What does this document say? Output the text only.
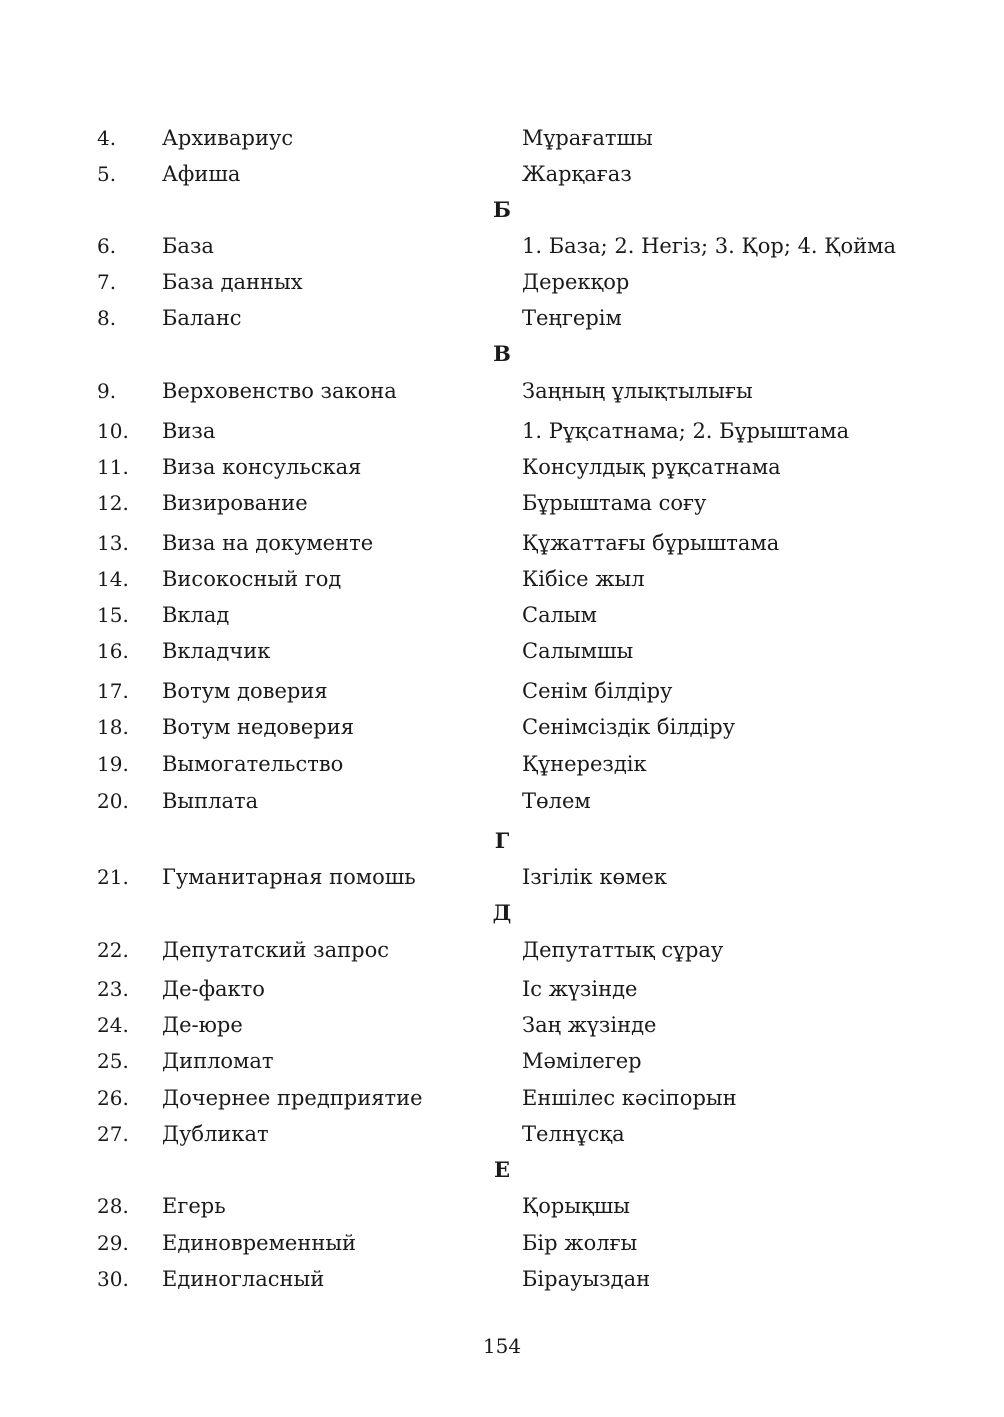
4. Архивариус	Мұрағатшы
5. Афиша	Жарқағаз
Б
6. База	1. База; 2. Негіз; 3. Қор; 4. Қойма
7. База данных	Дерекқор
8. Баланс	Теңгерім
В
9. Верховенство закона	Заңның ұлықтылығы
10. Виза	1. Рұқсатнама; 2. Бұрыштама
11. Виза консульская	Консулдық рұқсатнама
12. Визирование	Бұрыштама соғу
13. Виза на документе	Құжаттағы бұрыштама
14. Високосный год	Кібісе жыл
15. Вклад	Салым
16. Вкладчик	Салымшы
17. Вотум доверия	Сенім білдіру
18. Вотум недоверия	Сенімсіздік білдіру
19. Вымогательство	Құнерездік
20. Выплата	Төлем
Г
21. Гуманитарная помошь	Ізгілік көмек
Д
22. Депутатский запрос	Депутаттық сұрау
23. Де-факто	Іс жүзінде
24. Де-юре	Заң жүзінде
25. Дипломат	Мәмілегер
26. Дочернее предприятие	Еншілес кәсіпорын
27. Дубликат	Телнұсқа
Е
28. Егерь	Қорықшы
29. Единовременный	Бір жолғы
30. Единогласный	Бірауыздан
154
